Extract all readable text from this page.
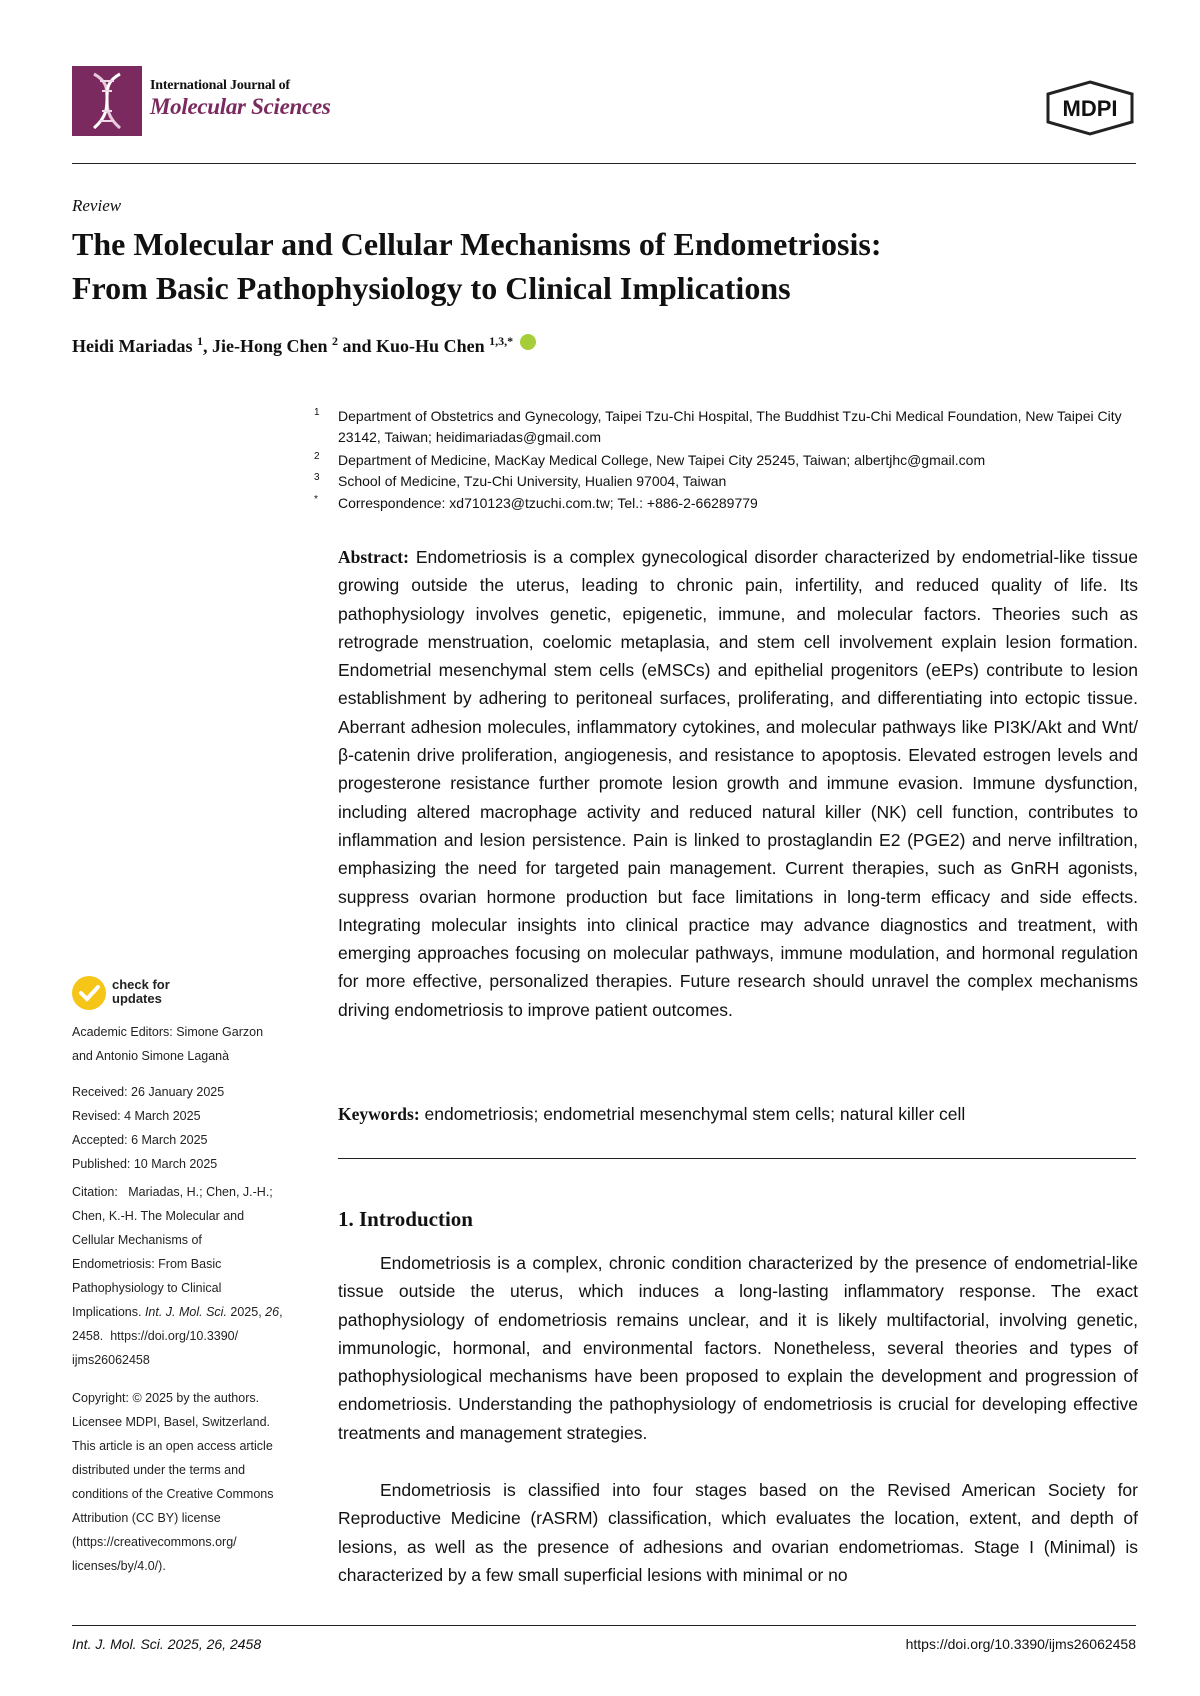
International Journal of
Molecular Sciences	MDPI
Review
The Molecular and Cellular Mechanisms of Endometriosis:
From Basic Pathophysiology to Clinical Implications
Heidi Mariadas $^1$, Jie-Hong Chen $^2$ and Kuo-Hu Chen $^{1,3,*}$
1 Department of Obstetrics and Gynecology, Taipei Tzu-Chi Hospital, The Buddhist Tzu-Chi Medical Foundation, New Taipei City 23142, Taiwan; heidimariadas@gmail.com
2 Department of Medicine, MacKay Medical College, New Taipei City 25245, Taiwan; albertjhc@gmail.com
3 School of Medicine, Tzu-Chi University, Hualien 97004, Taiwan
* Correspondence: xd710123@tzuchi.com.tw; Tel.: +886-2-66289779

Abstract: Endometriosis is a complex gynecological disorder characterized by endometrial-like tissue growing outside the uterus, leading to chronic pain, infertility, and reduced quality of life. Its pathophysiology involves genetic, epigenetic, immune, and molecular factors. Theories such as retrograde menstruation, coelomic metaplasia, and stem cell involvement explain lesion formation. Endometrial mesenchymal stem cells (eMSCs) and epithelial progenitors (eEPs) contribute to lesion establishment by adhering to peritoneal surfaces, proliferating, and differentiating into ectopic tissue. Aberrant adhesion molecules, inflammatory cytokines, and molecular pathways like PI3K/Akt and Wnt/β-catenin drive proliferation, angiogenesis, and resistance to apoptosis. Elevated estrogen levels and progesterone resistance further promote lesion growth and immune evasion. Immune dysfunction, including altered macrophage activity and reduced natural killer (NK) cell function, contributes to inflammation and lesion persistence. Pain is linked to prostaglandin E2 (PGE2) and nerve infiltration, emphasizing the need for targeted pain management. Current therapies, such as GnRH agonists, suppress ovarian hormone production but face limitations in long-term efficacy and side effects. Integrating molecular insights into clinical practice may advance diagnostics and treatment, with emerging approaches focusing on molecular pathways, immune modulation, and hormonal regulation for more effective, personalized therapies. Future research should unravel the complex mechanisms driving endometriosis to improve patient outcomes.

Keywords: endometriosis; endometrial mesenchymal stem cells; natural killer cell
1. Introduction

Endometriosis is a complex, chronic condition characterized by the presence of endometrial-like tissue outside the uterus, which induces a long-lasting inflammatory response. The exact pathophysiology of endometriosis remains unclear, and it is likely multifactorial, involving genetic, immunologic, hormonal, and environmental factors. Nonetheless, several theories and types of pathophysiological mechanisms have been proposed to explain the development and progression of endometriosis. Understanding the pathophysiology of endometriosis is crucial for developing effective treatments and management strategies.

Endometriosis is classified into four stages based on the Revised American Society for Reproductive Medicine (rASRM) classification, which evaluates the location, extent, and depth of lesions, as well as the presence of adhesions and ovarian endometriomas. Stage I (Minimal) is characterized by a few small superficial lesions with minimal or no

check for
updates
Academic Editors: Simone Garzon
and Antonio Simone Laganà
Received: 26 January 2025
Revised: 4 March 2025
Accepted: 6 March 2025
Published: 10 March 2025
Citation:   Mariadas, H.; Chen, J.-H.;
Chen, K.-H. The Molecular and
Cellular Mechanisms of
Endometriosis: From Basic
Pathophysiology to Clinical
Implications. Int. J. Mol. Sci. 2025, 26,
2458.  https://doi.org/10.3390/
ijms26062458
Copyright: © 2025 by the authors.
Licensee MDPI, Basel, Switzerland.
This article is an open access article
distributed under the terms and
conditions of the Creative Commons
Attribution (CC BY) license
(https://creativecommons.org/
licenses/by/4.0/).
Int. J. Mol. Sci. 2025, 26, 2458	https://doi.org/10.3390/ijms26062458
